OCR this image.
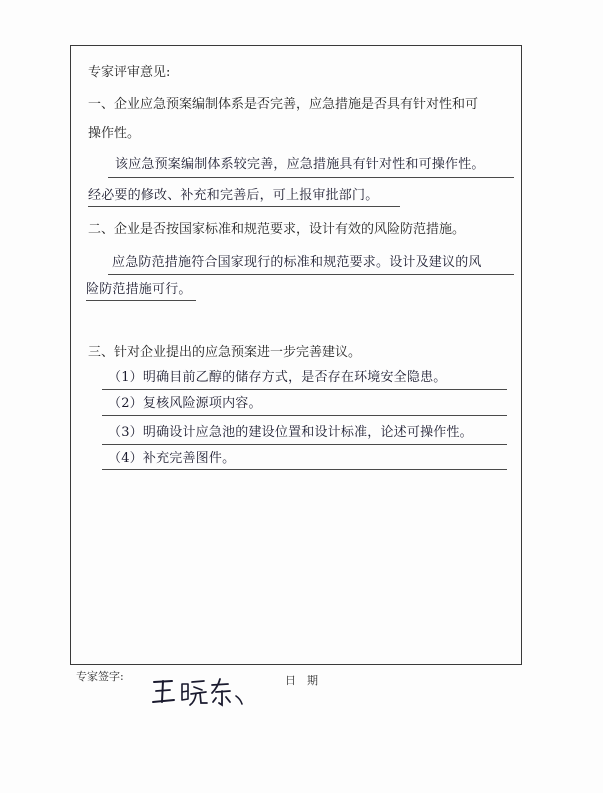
专家评审意见:
一、企业应急预案编制体系是否完善，应急措施是否具有针对性和可
操作性。
该应急预案编制体系较完善，应急措施具有针对性和可操作性。
经必要的修改、补充和完善后，可上报审批部门。
二、企业是否按国家标准和规范要求，设计有效的风险防范措施。
应急防范措施符合国家现行的标准和规范要求。设计及建议的风
险防范措施可行。
三、针对企业提出的应急预案进一步完善建议。
（1）明确目前乙醇的储存方式，是否存在环境安全隐患。
（2）复核风险源项内容。
（3）明确设计应急池的建设位置和设计标准，论述可操作性。
（4）补充完善图件。
专家签字:	日　期
